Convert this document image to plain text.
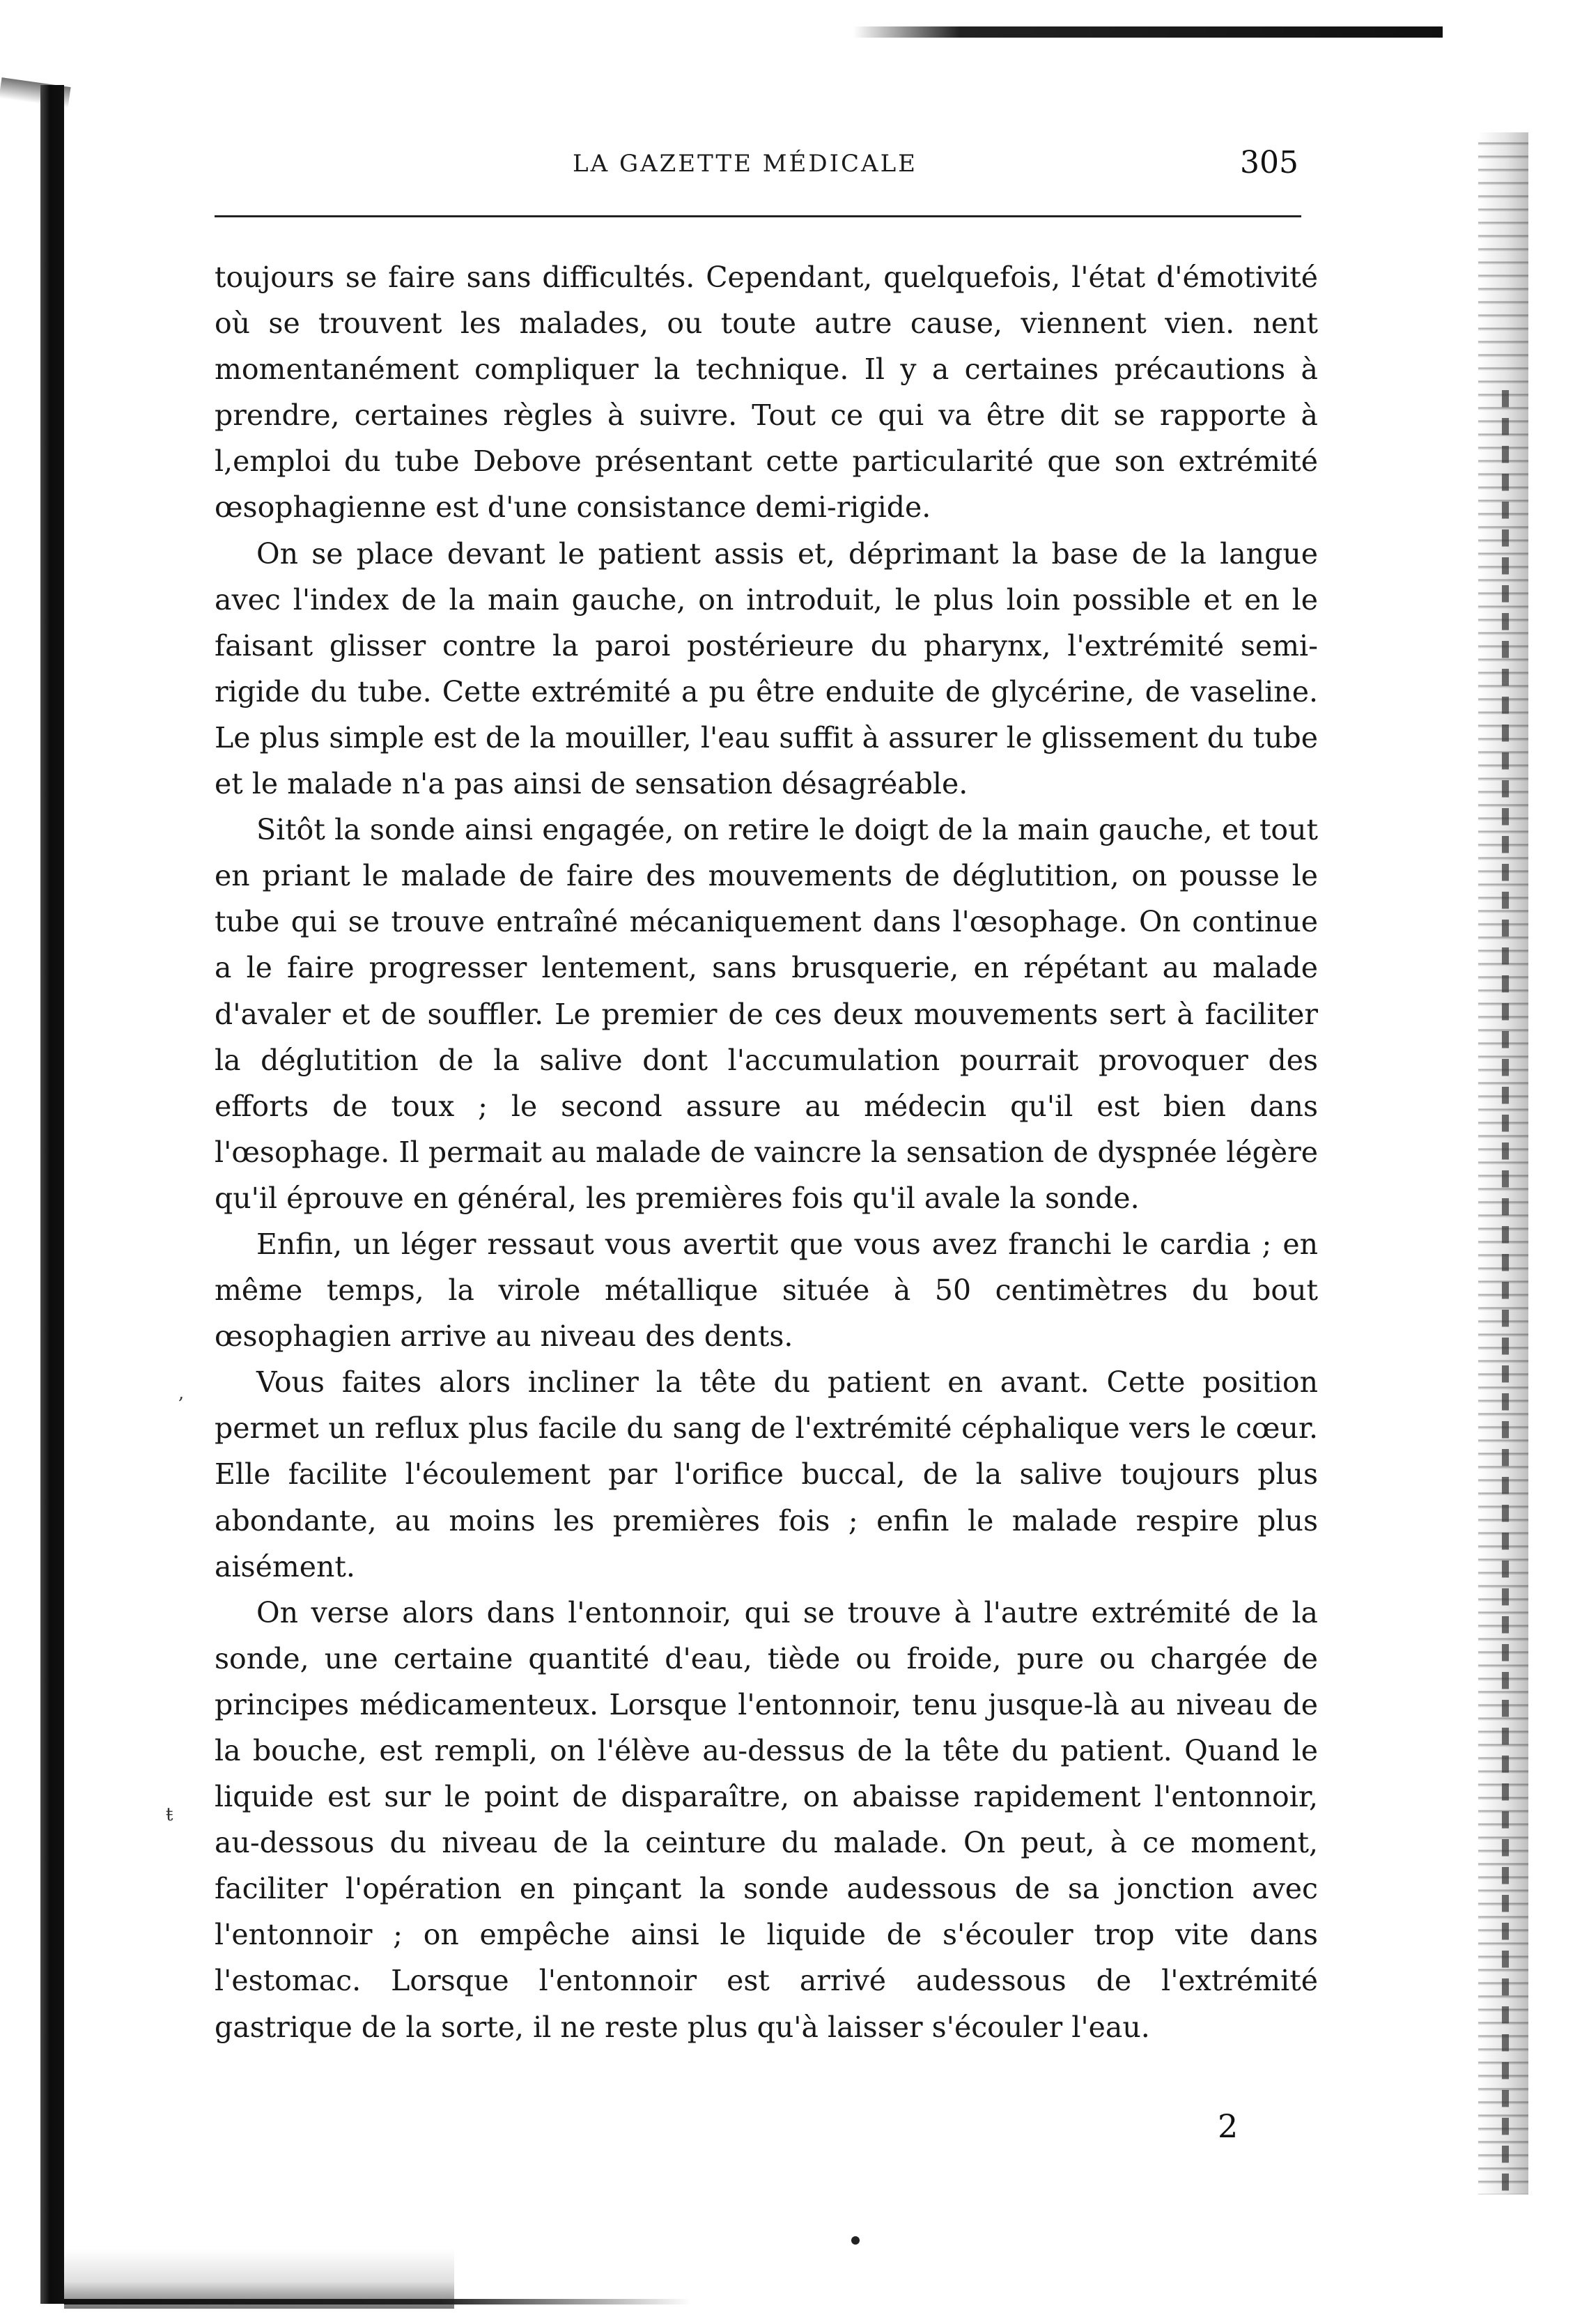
,
ŧ
LA GAZETTE MÉDICALE	305

toujours se faire sans difficultés. Cependant, quelquefois, l'état d'émotivité où se trouvent les malades, ou toute autre cause, viennent vien. nent momentanément compliquer la technique. Il y a certaines précautions à prendre, certaines règles à suivre. Tout ce qui va être dit se rapporte à l,emploi du tube Debove présentant cette particularité que son extrémité œsophagienne est d'une consistance demi-rigide.

On se place devant le patient assis et, déprimant la base de la langue avec l'index de la main gauche, on introduit, le plus loin possible et en le faisant glisser contre la paroi postérieure du pharynx, l'extrémité semi-rigide du tube. Cette extrémité a pu être enduite de glycérine, de vaseline. Le plus simple est de la mouiller, l'eau suffit à assurer le glissement du tube et le malade n'a pas ainsi de sensation désagréable.

Sitôt la sonde ainsi engagée, on retire le doigt de la main gauche, et tout en priant le malade de faire des mouvements de déglutition, on pousse le tube qui se trouve entraîné mécaniquement dans l'œsophage. On continue a le faire progresser lentement, sans brusquerie, en répétant au malade d'avaler et de souffler. Le premier de ces deux mouvements sert à faciliter la déglutition de la salive dont l'accumulation pourrait provoquer des efforts de toux ; le second assure au médecin qu'il est bien dans l'œsophage. Il permait au malade de vaincre la sensation de dyspnée légère qu'il éprouve en général, les premières fois qu'il avale la sonde.

Enfin, un léger ressaut vous avertit que vous avez franchi le cardia ; en même temps, la virole métallique située à 50 centimètres du bout œsophagien arrive au niveau des dents.

Vous faites alors incliner la tête du patient en avant. Cette position permet un reflux plus facile du sang de l'extrémité céphalique vers le cœur. Elle facilite l'écoulement par l'orifice buccal, de la salive toujours plus abondante, au moins les premières fois ; enfin le malade respire plus aisément.

On verse alors dans l'entonnoir, qui se trouve à l'autre extrémité de la sonde, une certaine quantité d'eau, tiède ou froide, pure ou chargée de principes médicamenteux. Lorsque l'entonnoir, tenu jusque-là au niveau de la bouche, est rempli, on l'élève au-dessus de la tête du patient. Quand le liquide est sur le point de disparaître, on abaisse rapidement l'entonnoir, au-dessous du niveau de la ceinture du malade. On peut, à ce moment, faciliter l'opération en pinçant la sonde audessous de sa jonction avec l'entonnoir ; on empêche ainsi le liquide de s'écouler trop vite dans l'estomac. Lorsque l'entonnoir est arrivé audessous de l'extrémité gastrique de la sorte, il ne reste plus qu'à laisser s'écouler l'eau.

2
